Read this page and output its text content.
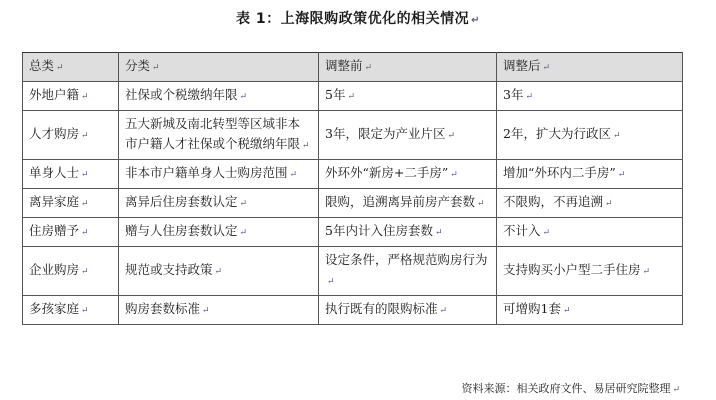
表 1：上海限购政策优化的相关情况 ↵
总类 ↵	分类 ↵	调整前 ↵	调整后 ↵
外地户籍 ↵	社保或个税缴纳年限 ↵	5年 ↵	3年 ↵
人才购房 ↵	五大新城及南北转型等区域非本市户籍人才社保或个税缴纳年限 ↵	3年，限定为产业片区 ↵	2年，扩大为行政区 ↵
单身人士 ↵	非本市户籍单身人士购房范围 ↵	外环外“新房+二手房” ↵	增加“外环内二手房” ↵
离异家庭 ↵	离异后住房套数认定 ↵	限购，追溯离异前房产套数 ↵	不限购，不再追溯 ↵
住房赠予 ↵	赠与人住房套数认定 ↵	5年内计入住房套数 ↵	不计入 ↵
企业购房 ↵	规范或支持政策 ↵	设定条件，严格规范购房行为↵	支持购买小户型二手住房 ↵
多孩家庭 ↵	购房套数标准 ↵	执行既有的限购标准 ↵	可增购1套 ↵
资料来源：相关政府文件、易居研究院整理 ↵
